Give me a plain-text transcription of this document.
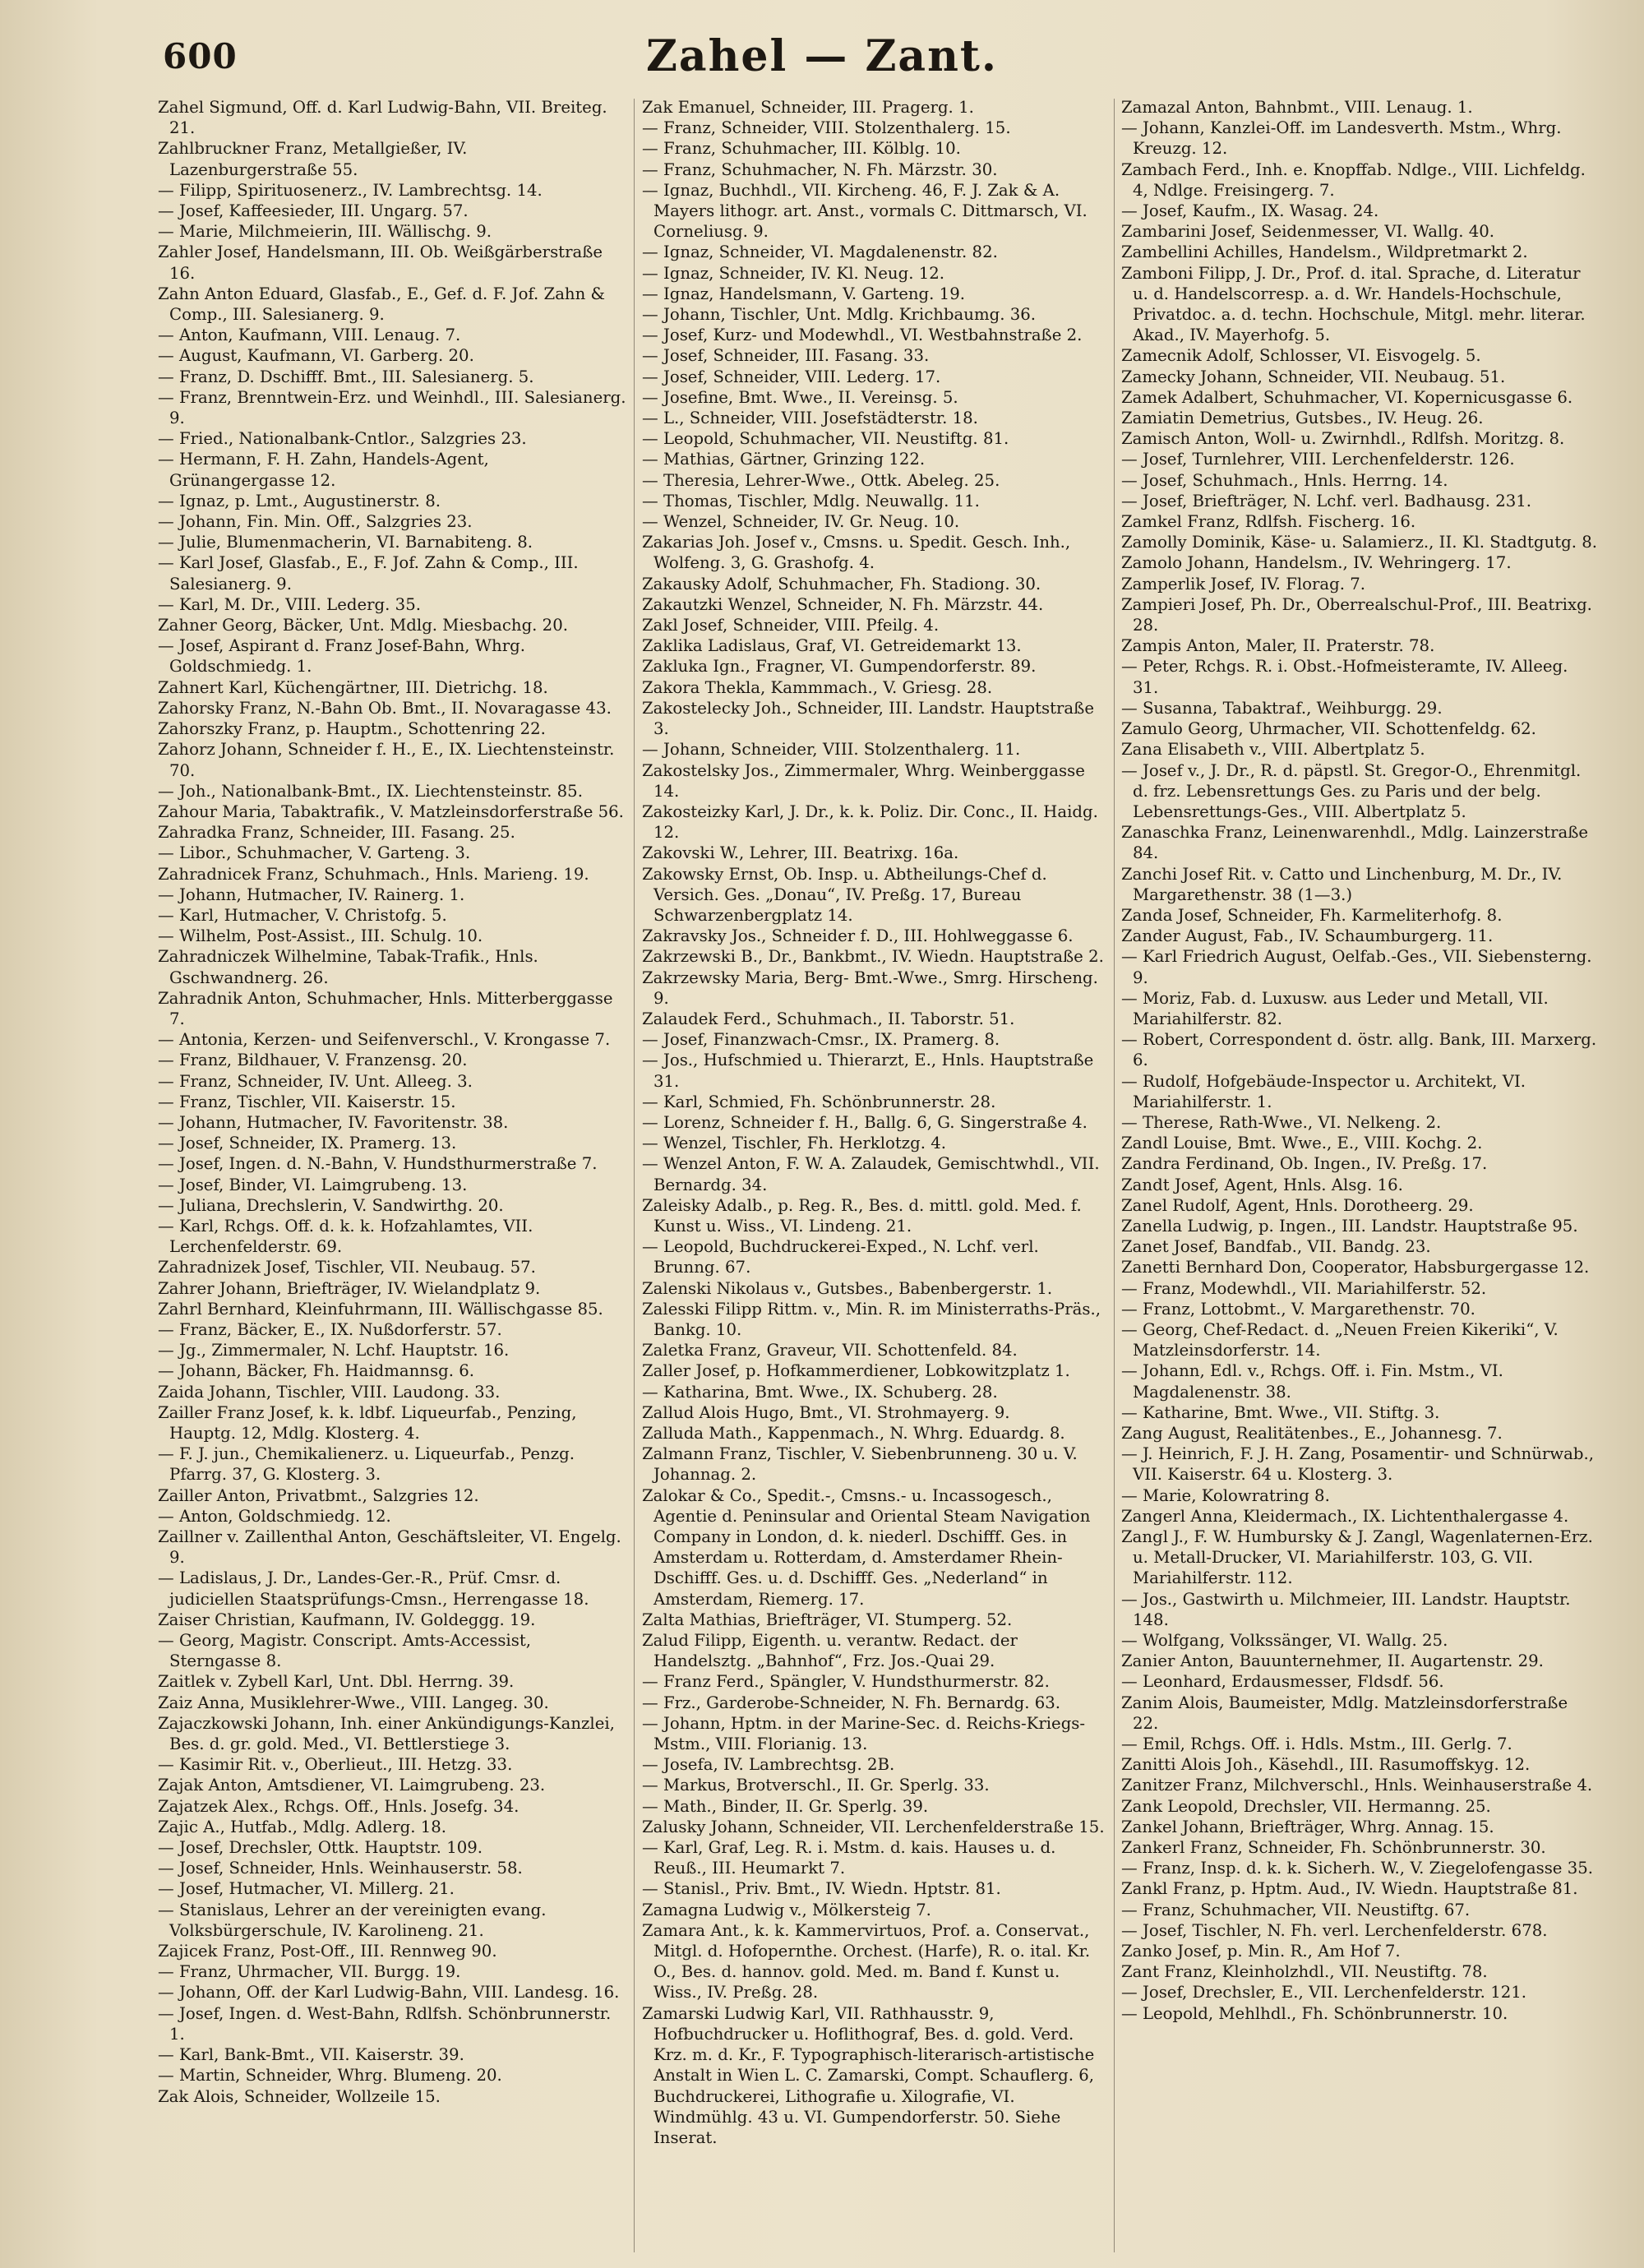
600	Zahel — Zant.
Zahel Sigmund, Off. d. Karl Ludwig-Bahn, VII. Breiteg. 21.
Zahlbruckner Franz, Metallgießer, IV. Lazenburgerstraße 55.
— Filipp, Spirituosenerz., IV. Lambrechtsg. 14.
— Josef, Kaffeesieder, III. Ungarg. 57.
— Marie, Milchmeierin, III. Wällischg. 9.
Zahler Josef, Handelsmann, III. Ob. Weißgärberstraße 16.
Zahn Anton Eduard, Glasfab., E., Gef. d. F. Jof. Zahn & Comp., III. Salesianerg. 9.
— Anton, Kaufmann, VIII. Lenaug. 7.
— August, Kaufmann, VI. Garberg. 20.
— Franz, D. Dschifff. Bmt., III. Salesianerg. 5.
— Franz, Brenntwein-Erz. und Weinhdl., III. Salesianerg. 9.
— Fried., Nationalbank-Cntlor., Salzgries 23.
— Hermann, F. H. Zahn, Handels-Agent, Grünangergasse 12.
— Ignaz, p. Lmt., Augustinerstr. 8.
— Johann, Fin. Min. Off., Salzgries 23.
— Julie, Blumenmacherin, VI. Barnabiteng. 8.
— Karl Josef, Glasfab., E., F. Jof. Zahn & Comp., III. Salesianerg. 9.
— Karl, M. Dr., VIII. Lederg. 35.
Zahner Georg, Bäcker, Unt. Mdlg. Miesbachg. 20.
— Josef, Aspirant d. Franz Josef-Bahn, Whrg. Goldschmiedg. 1.
Zahnert Karl, Küchengärtner, III. Dietrichg. 18.
Zahorsky Franz, N.-Bahn Ob. Bmt., II. Novaragasse 43.
Zahorszky Franz, p. Hauptm., Schottenring 22.
Zahorz Johann, Schneider f. H., E., IX. Liechtensteinstr. 70.
— Joh., Nationalbank-Bmt., IX. Liechtensteinstr. 85.
Zahour Maria, Tabaktrafik., V. Matzleinsdorferstraße 56.
Zahradka Franz, Schneider, III. Fasang. 25.
— Libor., Schuhmacher, V. Garteng. 3.
Zahradnicek Franz, Schuhmach., Hnls. Marieng. 19.
— Johann, Hutmacher, IV. Rainerg. 1.
— Karl, Hutmacher, V. Christofg. 5.
— Wilhelm, Post-Assist., III. Schulg. 10.
Zahradniczek Wilhelmine, Tabak-Trafik., Hnls. Gschwandnerg. 26.
Zahradnik Anton, Schuhmacher, Hnls. Mitterberggasse 7.
— Antonia, Kerzen- und Seifenverschl., V. Krongasse 7.
— Franz, Bildhauer, V. Franzensg. 20.
— Franz, Schneider, IV. Unt. Alleeg. 3.
— Franz, Tischler, VII. Kaiserstr. 15.
— Johann, Hutmacher, IV. Favoritenstr. 38.
— Josef, Schneider, IX. Pramerg. 13.
— Josef, Ingen. d. N.-Bahn, V. Hundsthurmerstraße 7.
— Josef, Binder, VI. Laimgrubeng. 13.
— Juliana, Drechslerin, V. Sandwirthg. 20.
— Karl, Rchgs. Off. d. k. k. Hofzahlamtes, VII. Lerchenfelderstr. 69.
Zahradnizek Josef, Tischler, VII. Neubaug. 57.
Zahrer Johann, Briefträger, IV. Wielandplatz 9.
Zahrl Bernhard, Kleinfuhrmann, III. Wällischgasse 85.
— Franz, Bäcker, E., IX. Nußdorferstr. 57.
— Jg., Zimmermaler, N. Lchf. Hauptstr. 16.
— Johann, Bäcker, Fh. Haidmannsg. 6.
Zaida Johann, Tischler, VIII. Laudong. 33.
Zailler Franz Josef, k. k. ldbf. Liqueurfab., Penzing, Hauptg. 12, Mdlg. Klosterg. 4.
— F. J. jun., Chemikalienerz. u. Liqueurfab., Penzg. Pfarrg. 37, G. Klosterg. 3.
Zailler Anton, Privatbmt., Salzgries 12.
— Anton, Goldschmiedg. 12.
Zaillner v. Zaillenthal Anton, Geschäftsleiter, VI. Engelg. 9.
— Ladislaus, J. Dr., Landes-Ger.-R., Prüf. Cmsr. d. judiciellen Staatsprüfungs-Cmsn., Herrengasse 18.
Zaiser Christian, Kaufmann, IV. Goldeggg. 19.
— Georg, Magistr. Conscript. Amts-Accessist, Sterngasse 8.
Zaitlek v. Zybell Karl, Unt. Dbl. Herrng. 39.
Zaiz Anna, Musiklehrer-Wwe., VIII. Langeg. 30.
Zajaczkowski Johann, Inh. einer Ankündigungs-Kanzlei, Bes. d. gr. gold. Med., VI. Bettlerstiege 3.
— Kasimir Rit. v., Oberlieut., III. Hetzg. 33.
Zajak Anton, Amtsdiener, VI. Laimgrubeng. 23.
Zajatzek Alex., Rchgs. Off., Hnls. Josefg. 34.
Zajic A., Hutfab., Mdlg. Adlerg. 18.
— Josef, Drechsler, Ottk. Hauptstr. 109.
— Josef, Schneider, Hnls. Weinhauserstr. 58.
— Josef, Hutmacher, VI. Millerg. 21.
— Stanislaus, Lehrer an der vereinigten evang. Volksbürgerschule, IV. Karolineng. 21.
Zajicek Franz, Post-Off., III. Rennweg 90.
— Franz, Uhrmacher, VII. Burgg. 19.
— Johann, Off. der Karl Ludwig-Bahn, VIII. Landesg. 16.
— Josef, Ingen. d. West-Bahn, Rdlfsh. Schönbrunnerstr. 1.
— Karl, Bank-Bmt., VII. Kaiserstr. 39.
— Martin, Schneider, Whrg. Blumeng. 20.
Zak Alois, Schneider, Wollzeile 15.
Zak Emanuel, Schneider, III. Pragerg. 1.
— Franz, Schneider, VIII. Stolzenthalerg. 15.
— Franz, Schuhmacher, III. Kölblg. 10.
— Franz, Schuhmacher, N. Fh. Märzstr. 30.
— Ignaz, Buchhdl., VII. Kircheng. 46, F. J. Zak & A. Mayers lithogr. art. Anst., vormals C. Dittmarsch, VI. Corneliusg. 9.
— Ignaz, Schneider, VI. Magdalenenstr. 82.
— Ignaz, Schneider, IV. Kl. Neug. 12.
— Ignaz, Handelsmann, V. Garteng. 19.
— Johann, Tischler, Unt. Mdlg. Krichbaumg. 36.
— Josef, Kurz- und Modewhdl., VI. Westbahnstraße 2.
— Josef, Schneider, III. Fasang. 33.
— Josef, Schneider, VIII. Lederg. 17.
— Josefine, Bmt. Wwe., II. Vereinsg. 5.
— L., Schneider, VIII. Josefstädterstr. 18.
— Leopold, Schuhmacher, VII. Neustiftg. 81.
— Mathias, Gärtner, Grinzing 122.
— Theresia, Lehrer-Wwe., Ottk. Abeleg. 25.
— Thomas, Tischler, Mdlg. Neuwallg. 11.
— Wenzel, Schneider, IV. Gr. Neug. 10.
Zakarias Joh. Josef v., Cmsns. u. Spedit. Gesch. Inh., Wolfeng. 3, G. Grashofg. 4.
Zakausky Adolf, Schuhmacher, Fh. Stadiong. 30.
Zakautzki Wenzel, Schneider, N. Fh. Märzstr. 44.
Zakl Josef, Schneider, VIII. Pfeilg. 4.
Zaklika Ladislaus, Graf, VI. Getreidemarkt 13.
Zakluka Ign., Fragner, VI. Gumpendorferstr. 89.
Zakora Thekla, Kammmach., V. Griesg. 28.
Zakostelecky Joh., Schneider, III. Landstr. Hauptstraße 3.
— Johann, Schneider, VIII. Stolzenthalerg. 11.
Zakostelsky Jos., Zimmermaler, Whrg. Weinberggasse 14.
Zakosteizky Karl, J. Dr., k. k. Poliz. Dir. Conc., II. Haidg. 12.
Zakovski W., Lehrer, III. Beatrixg. 16a.
Zakowsky Ernst, Ob. Insp. u. Abtheilungs-Chef d. Versich. Ges. „Donau“, IV. Preßg. 17, Bureau Schwarzenbergplatz 14.
Zakravsky Jos., Schneider f. D., III. Hohlweggasse 6.
Zakrzewski B., Dr., Bankbmt., IV. Wiedn. Hauptstraße 2.
Zakrzewsky Maria, Berg- Bmt.-Wwe., Smrg. Hirscheng. 9.
Zalaudek Ferd., Schuhmach., II. Taborstr. 51.
— Josef, Finanzwach-Cmsr., IX. Pramerg. 8.
— Jos., Hufschmied u. Thierarzt, E., Hnls. Hauptstraße 31.
— Karl, Schmied, Fh. Schönbrunnerstr. 28.
— Lorenz, Schneider f. H., Ballg. 6, G. Singerstraße 4.
— Wenzel, Tischler, Fh. Herklotzg. 4.
— Wenzel Anton, F. W. A. Zalaudek, Gemischtwhdl., VII. Bernardg. 34.
Zaleisky Adalb., p. Reg. R., Bes. d. mittl. gold. Med. f. Kunst u. Wiss., VI. Lindeng. 21.
— Leopold, Buchdruckerei-Exped., N. Lchf. verl. Brunng. 67.
Zalenski Nikolaus v., Gutsbes., Babenbergerstr. 1.
Zalesski Filipp Rittm. v., Min. R. im Ministerraths-Präs., Bankg. 10.
Zaletka Franz, Graveur, VII. Schottenfeld. 84.
Zaller Josef, p. Hofkammerdiener, Lobkowitzplatz 1.
— Katharina, Bmt. Wwe., IX. Schuberg. 28.
Zallud Alois Hugo, Bmt., VI. Strohmayerg. 9.
Zalluda Math., Kappenmach., N. Whrg. Eduardg. 8.
Zalmann Franz, Tischler, V. Siebenbrunneng. 30 u. V. Johannag. 2.
Zalokar & Co., Spedit.-, Cmsns.- u. Incassogesch., Agentie d. Peninsular and Oriental Steam Navigation Company in London, d. k. niederl. Dschifff. Ges. in Amsterdam u. Rotterdam, d. Amsterdamer Rhein-Dschifff. Ges. u. d. Dschifff. Ges. „Nederland“ in Amsterdam, Riemerg. 17.
Zalta Mathias, Briefträger, VI. Stumperg. 52.
Zalud Filipp, Eigenth. u. verantw. Redact. der Handelsztg. „Bahnhof“, Frz. Jos.-Quai 29.
— Franz Ferd., Spängler, V. Hundsthurmerstr. 82.
— Frz., Garderobe-Schneider, N. Fh. Bernardg. 63.
— Johann, Hptm. in der Marine-Sec. d. Reichs-Kriegs-Mstm., VIII. Florianig. 13.
— Josefa, IV. Lambrechtsg. 2B.
— Markus, Brotverschl., II. Gr. Sperlg. 33.
— Math., Binder, II. Gr. Sperlg. 39.
Zalusky Johann, Schneider, VII. Lerchenfelderstraße 15.
— Karl, Graf, Leg. R. i. Mstm. d. kais. Hauses u. d. Reuß., III. Heumarkt 7.
— Stanisl., Priv. Bmt., IV. Wiedn. Hptstr. 81.
Zamagna Ludwig v., Mölkersteig 7.
Zamara Ant., k. k. Kammervirtuos, Prof. a. Conservat., Mitgl. d. Hofopernthe. Orchest. (Harfe), R. o. ital. Kr. O., Bes. d. hannov. gold. Med. m. Band f. Kunst u. Wiss., IV. Preßg. 28.
Zamarski Ludwig Karl, VII. Rathhausstr. 9, Hofbuchdrucker u. Hoflithograf, Bes. d. gold. Verd. Krz. m. d. Kr., F. Typographisch-literarisch-artistische Anstalt in Wien L. C. Zamarski, Compt. Schauflerg. 6, Buchdruckerei, Lithografie u. Xilografie, VI. Windmühlg. 43 u. VI. Gumpendorferstr. 50. Siehe Inserat.
Zamazal Anton, Bahnbmt., VIII. Lenaug. 1.
— Johann, Kanzlei-Off. im Landesverth. Mstm., Whrg. Kreuzg. 12.
Zambach Ferd., Inh. e. Knopffab. Ndlge., VIII. Lichfeldg. 4, Ndlge. Freisingerg. 7.
— Josef, Kaufm., IX. Wasag. 24.
Zambarini Josef, Seidenmesser, VI. Wallg. 40.
Zambellini Achilles, Handelsm., Wildpretmarkt 2.
Zamboni Filipp, J. Dr., Prof. d. ital. Sprache, d. Literatur u. d. Handelscorresp. a. d. Wr. Handels-Hochschule, Privatdoc. a. d. techn. Hochschule, Mitgl. mehr. literar. Akad., IV. Mayerhofg. 5.
Zamecnik Adolf, Schlosser, VI. Eisvogelg. 5.
Zamecky Johann, Schneider, VII. Neubaug. 51.
Zamek Adalbert, Schuhmacher, VI. Kopernicusgasse 6.
Zamiatin Demetrius, Gutsbes., IV. Heug. 26.
Zamisch Anton, Woll- u. Zwirnhdl., Rdlfsh. Moritzg. 8.
— Josef, Turnlehrer, VIII. Lerchenfelderstr. 126.
— Josef, Schuhmach., Hnls. Herrng. 14.
— Josef, Briefträger, N. Lchf. verl. Badhausg. 231.
Zamkel Franz, Rdlfsh. Fischerg. 16.
Zamolly Dominik, Käse- u. Salamierz., II. Kl. Stadtgutg. 8.
Zamolo Johann, Handelsm., IV. Wehringerg. 17.
Zamperlik Josef, IV. Florag. 7.
Zampieri Josef, Ph. Dr., Oberrealschul-Prof., III. Beatrixg. 28.
Zampis Anton, Maler, II. Praterstr. 78.
— Peter, Rchgs. R. i. Obst.-Hofmeisteramte, IV. Alleeg. 31.
— Susanna, Tabaktraf., Weihburgg. 29.
Zamulo Georg, Uhrmacher, VII. Schottenfeldg. 62.
Zana Elisabeth v., VIII. Albertplatz 5.
— Josef v., J. Dr., R. d. päpstl. St. Gregor-O., Ehrenmitgl. d. frz. Lebensrettungs Ges. zu Paris und der belg. Lebensrettungs-Ges., VIII. Albertplatz 5.
Zanaschka Franz, Leinenwarenhdl., Mdlg. Lainzerstraße 84.
Zanchi Josef Rit. v. Catto und Linchenburg, M. Dr., IV. Margarethenstr. 38 (1—3.)
Zanda Josef, Schneider, Fh. Karmeliterhofg. 8.
Zander August, Fab., IV. Schaumburgerg. 11.
— Karl Friedrich August, Oelfab.-Ges., VII. Siebensterng. 9.
— Moriz, Fab. d. Luxusw. aus Leder und Metall, VII. Mariahilferstr. 82.
— Robert, Correspondent d. östr. allg. Bank, III. Marxerg. 6.
— Rudolf, Hofgebäude-Inspector u. Architekt, VI. Mariahilferstr. 1.
— Therese, Rath-Wwe., VI. Nelkeng. 2.
Zandl Louise, Bmt. Wwe., E., VIII. Kochg. 2.
Zandra Ferdinand, Ob. Ingen., IV. Preßg. 17.
Zandt Josef, Agent, Hnls. Alsg. 16.
Zanel Rudolf, Agent, Hnls. Dorotheerg. 29.
Zanella Ludwig, p. Ingen., III. Landstr. Hauptstraße 95.
Zanet Josef, Bandfab., VII. Bandg. 23.
Zanetti Bernhard Don, Cooperator, Habsburgergasse 12.
— Franz, Modewhdl., VII. Mariahilferstr. 52.
— Franz, Lottobmt., V. Margarethenstr. 70.
— Georg, Chef-Redact. d. „Neuen Freien Kikeriki“, V. Matzleinsdorferstr. 14.
— Johann, Edl. v., Rchgs. Off. i. Fin. Mstm., VI. Magdalenenstr. 38.
— Katharine, Bmt. Wwe., VII. Stiftg. 3.
Zang August, Realitätenbes., E., Johannesg. 7.
— J. Heinrich, F. J. H. Zang, Posamentir- und Schnürwab., VII. Kaiserstr. 64 u. Klosterg. 3.
— Marie, Kolowratring 8.
Zangerl Anna, Kleidermach., IX. Lichtenthalergasse 4.
Zangl J., F. W. Humbursky & J. Zangl, Wagenlaternen-Erz. u. Metall-Drucker, VI. Mariahilferstr. 103, G. VII. Mariahilferstr. 112.
— Jos., Gastwirth u. Milchmeier, III. Landstr. Hauptstr. 148.
— Wolfgang, Volkssänger, VI. Wallg. 25.
Zanier Anton, Bauunternehmer, II. Augartenstr. 29.
— Leonhard, Erdausmesser, Fldsdf. 56.
Zanim Alois, Baumeister, Mdlg. Matzleinsdorferstraße 22.
— Emil, Rchgs. Off. i. Hdls. Mstm., III. Gerlg. 7.
Zanitti Alois Joh., Käsehdl., III. Rasumoffskyg. 12.
Zanitzer Franz, Milchverschl., Hnls. Weinhauserstraße 4.
Zank Leopold, Drechsler, VII. Hermanng. 25.
Zankel Johann, Briefträger, Whrg. Annag. 15.
Zankerl Franz, Schneider, Fh. Schönbrunnerstr. 30.
— Franz, Insp. d. k. k. Sicherh. W., V. Ziegelofengasse 35.
Zankl Franz, p. Hptm. Aud., IV. Wiedn. Hauptstraße 81.
— Franz, Schuhmacher, VII. Neustiftg. 67.
— Josef, Tischler, N. Fh. verl. Lerchenfelderstr. 678.
Zanko Josef, p. Min. R., Am Hof 7.
Zant Franz, Kleinholzhdl., VII. Neustiftg. 78.
— Josef, Drechsler, E., VII. Lerchenfelderstr. 121.
— Leopold, Mehlhdl., Fh. Schönbrunnerstr. 10.
